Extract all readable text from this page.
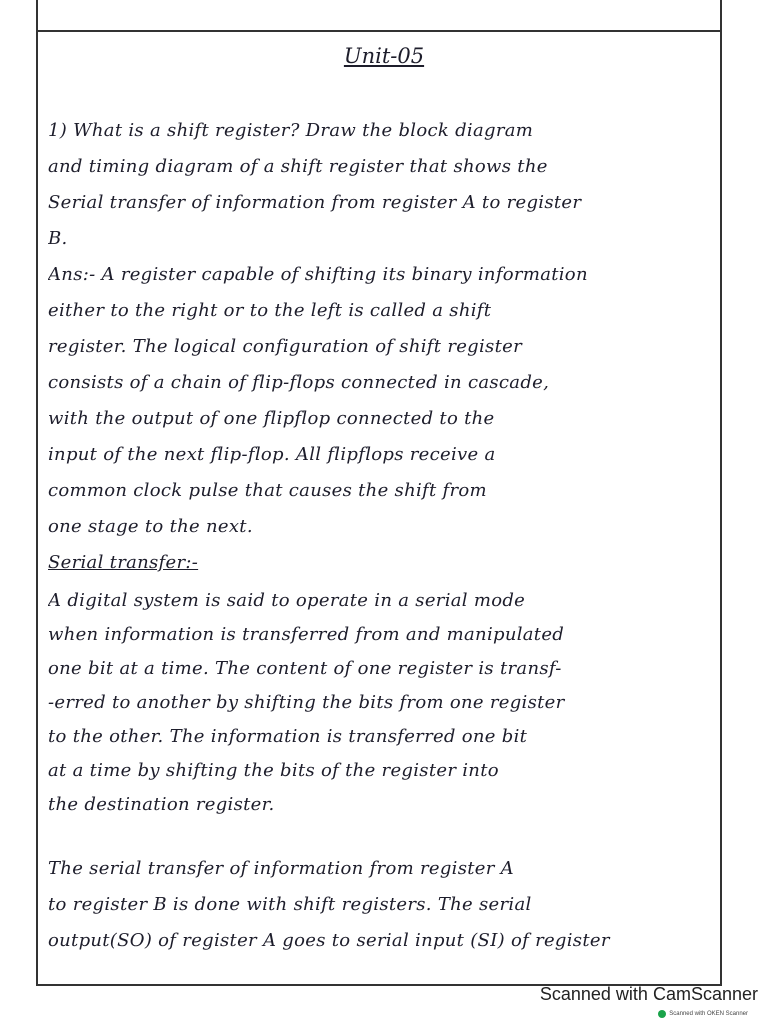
Unit-05
1) What is a shift register? Draw the block diagram
and timing diagram of a shift register that shows the
Serial transfer of information from register A to register
B.
Ans:- A register capable of shifting its binary information
either to the right or to the left is called a shift
register. The logical configuration of shift register
consists of a chain of flip-flops connected in cascade,
with the output of one flipflop connected to the
input of the next flip-flop. All flipflops receive a
common clock pulse that causes the shift from
one stage to the next.
Serial transfer:-
A digital system is said to operate in a serial mode
when information is transferred from and manipulated
one bit at a time. The content of one register is transf-
-erred to another by shifting the bits from one register
to the other. The information is transferred one bit
at a time by shifting the bits of the register into
the destination register.
The serial transfer of information from register A
to register B is done with shift registers. The serial
output(SO) of register A goes to serial input (SI) of register
Scanned with CamScanner
Scanned with OKEN Scanner
